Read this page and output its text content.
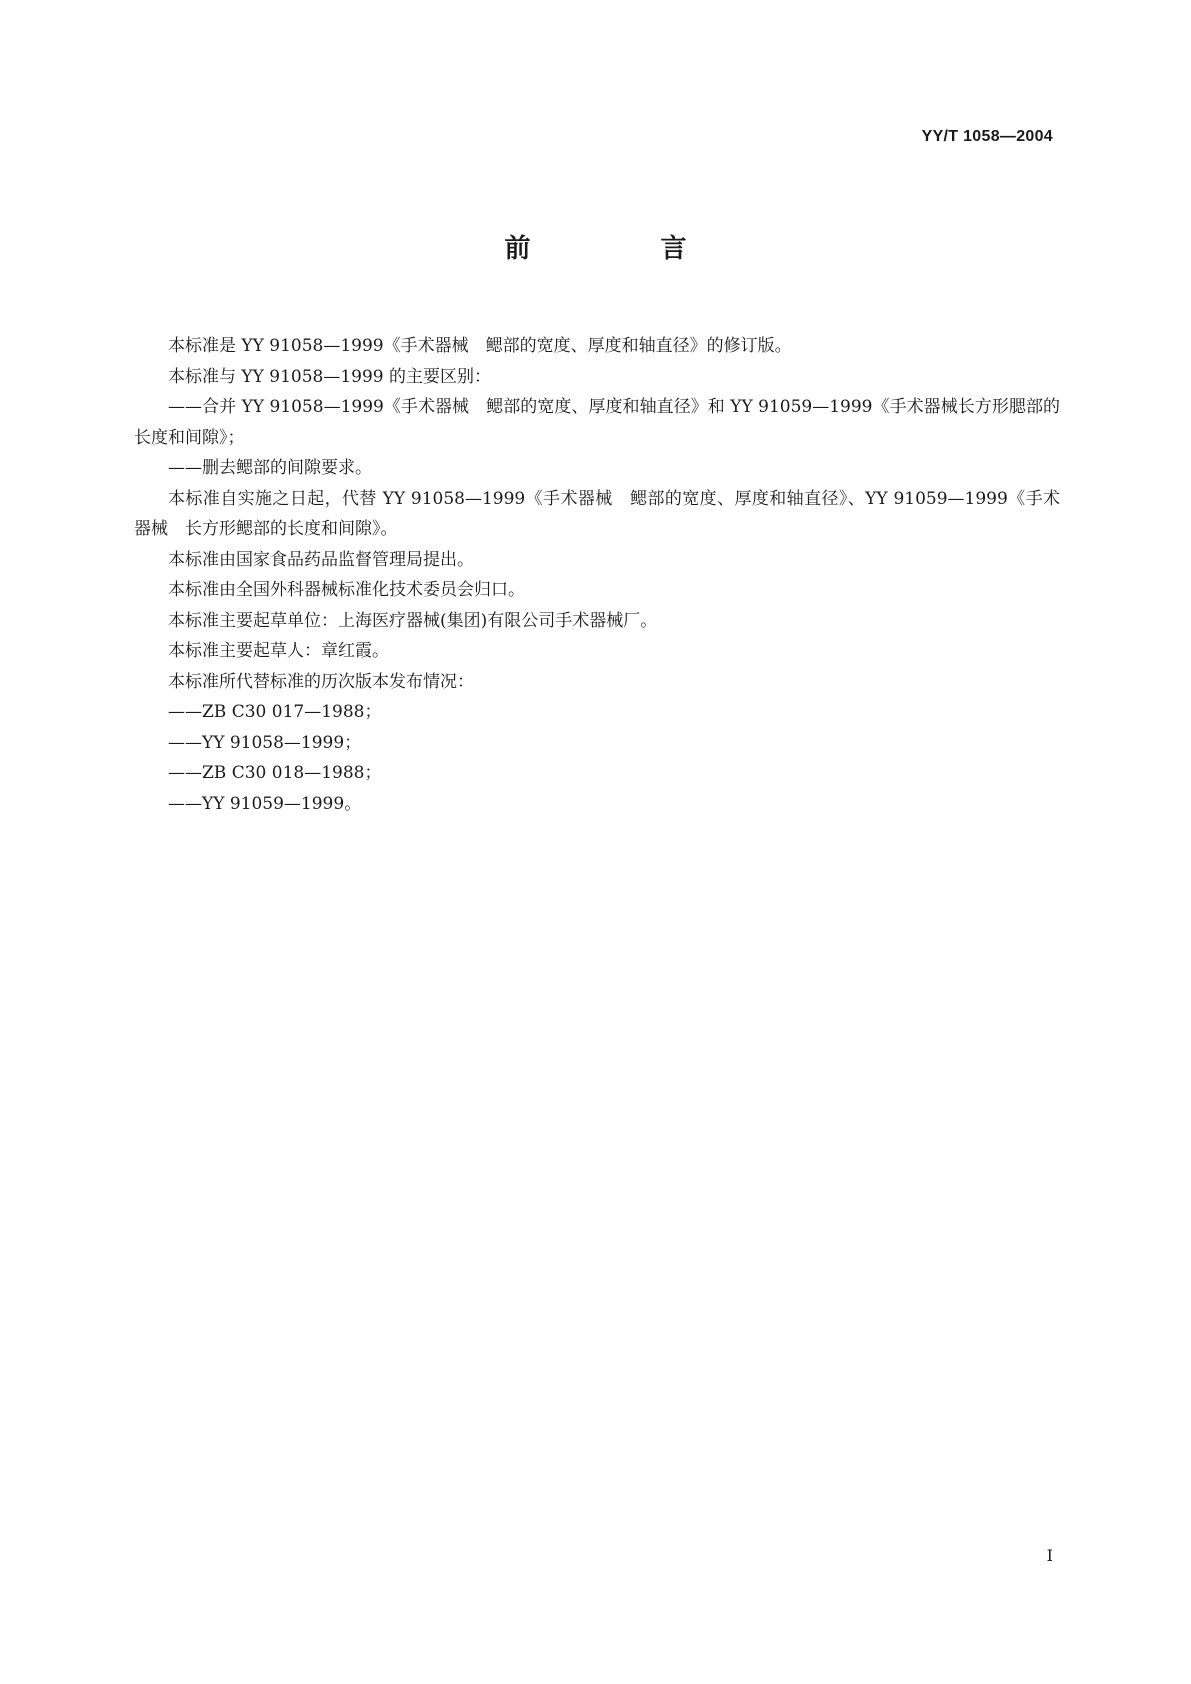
YY/T 1058—2004
前　言

本标准是 YY 91058—1999《手术器械　鳃部的宽度、厚度和轴直径》的修订版。

本标准与 YY 91058—1999 的主要区别：

——合并 YY 91058—1999《手术器械　鳃部的宽度、厚度和轴直径》和 YY 91059—1999《手术器械长方形腮部的长度和间隙》；

——删去鳃部的间隙要求。

本标准自实施之日起，代替 YY 91058—1999《手术器械　鳃部的宽度、厚度和轴直径》、YY 91059—1999《手术器械　长方形鳃部的长度和间隙》。

本标准由国家食品药品监督管理局提出。

本标准由全国外科器械标准化技术委员会归口。

本标准主要起草单位：上海医疗器械(集团)有限公司手术器械厂。

本标准主要起草人：章红霞。

本标准所代替标准的历次版本发布情况：

——ZB C30 017—1988；

——YY 91058—1999；

——ZB C30 018—1988；

——YY 91059—1999。

I
